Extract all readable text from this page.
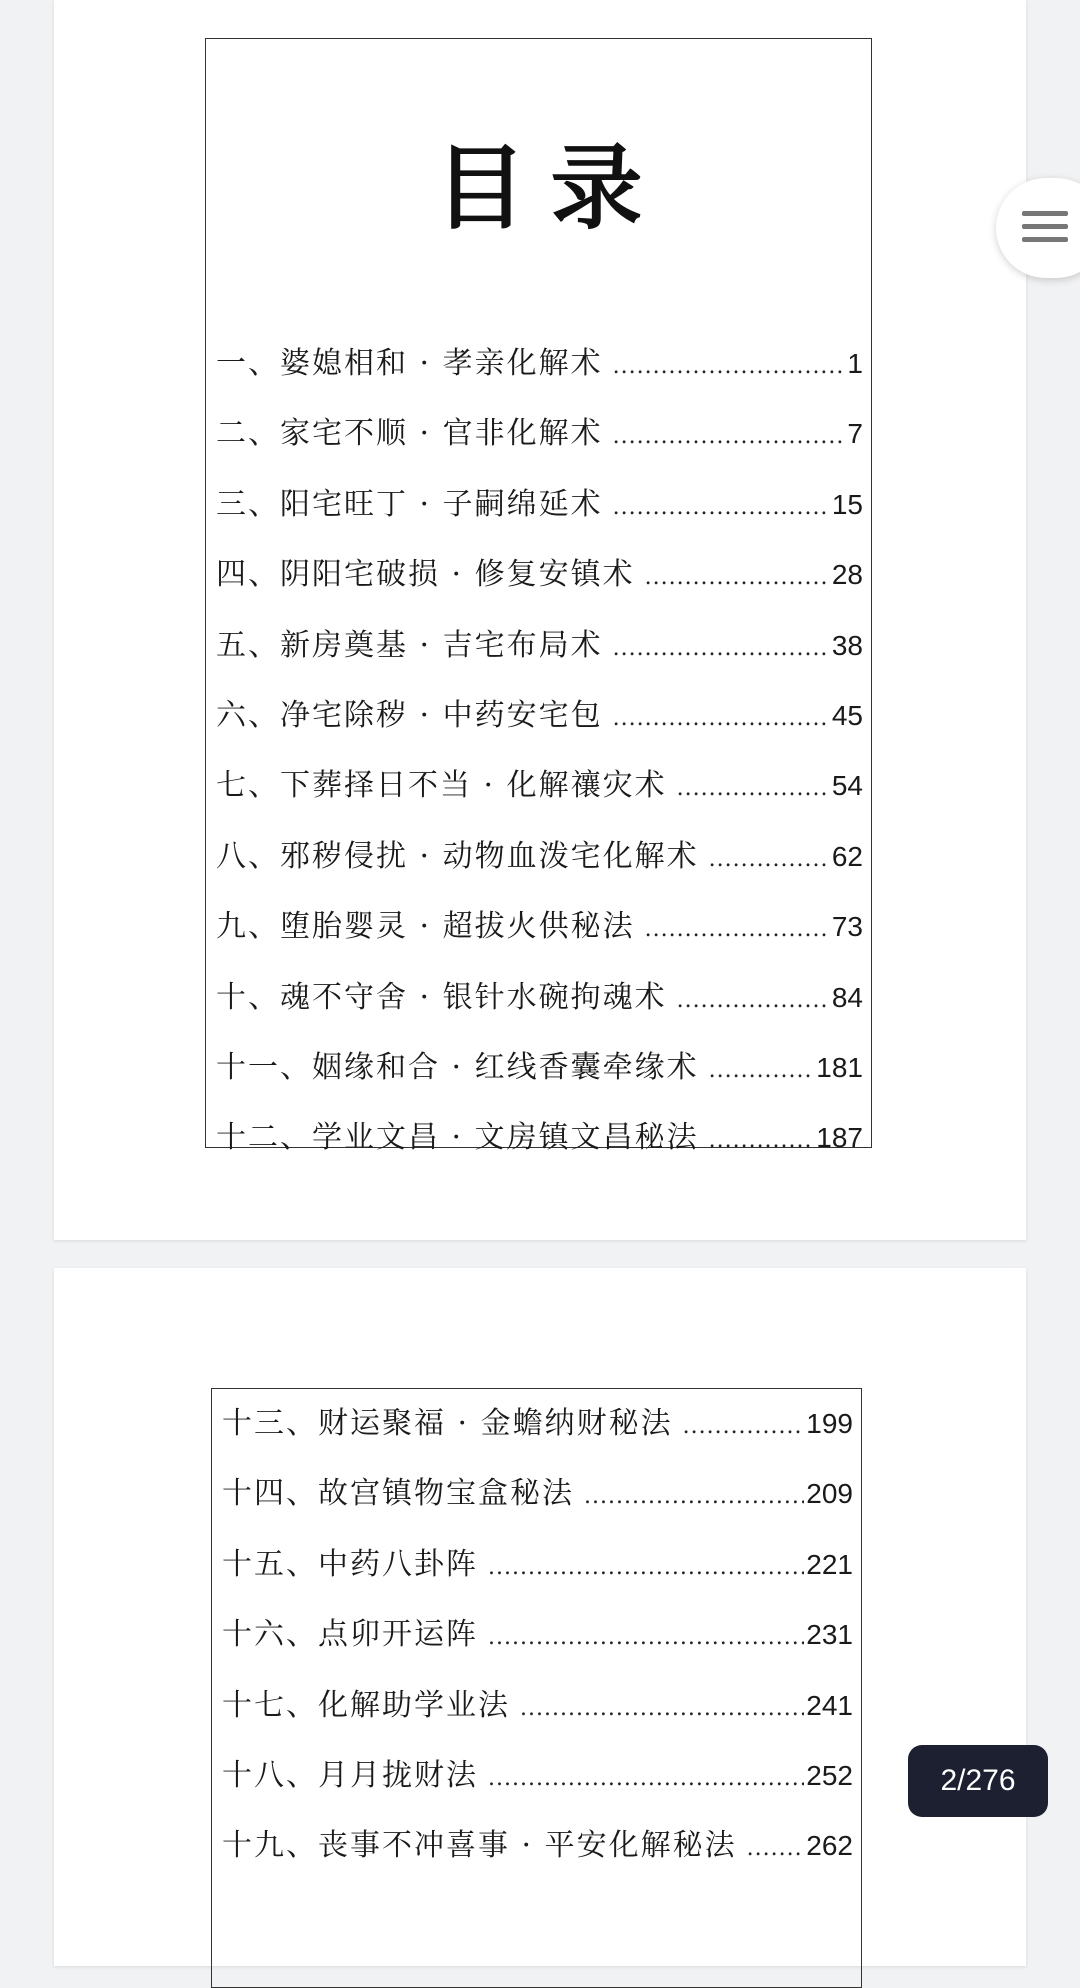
目录
一、婆媳相和 · 孝亲化解术 .....	1
二、家宅不顺 · 官非化解术 .....	7
三、阳宅旺丁 · 子嗣绵延术 .....	15
四、阴阳宅破损 · 修复安镇术 .....	28
五、新房奠基 · 吉宅布局术 .....	38
六、净宅除秽 · 中药安宅包 .....	45
七、下葬择日不当 · 化解禳灾术 .....	54
八、邪秽侵扰 · 动物血泼宅化解术 .....	62
九、堕胎婴灵 · 超拔火供秘法 .....	73
十、魂不守舍 · 银针水碗拘魂术 .....	84
十一、姻缘和合 · 红线香囊牵缘术 .....	181
十二、学业文昌 · 文房镇文昌秘法 .....	187
十三、财运聚福 · 金蟾纳财秘法 .....	199
十四、故宫镇物宝盒秘法 .....	209
十五、中药八卦阵 .....	221
十六、点卯开运阵 .....	231
十七、化解助学业法 .....	241
十八、月月拢财法 .....	252
十九、丧事不冲喜事 · 平安化解秘法 ..... 262
2/276
